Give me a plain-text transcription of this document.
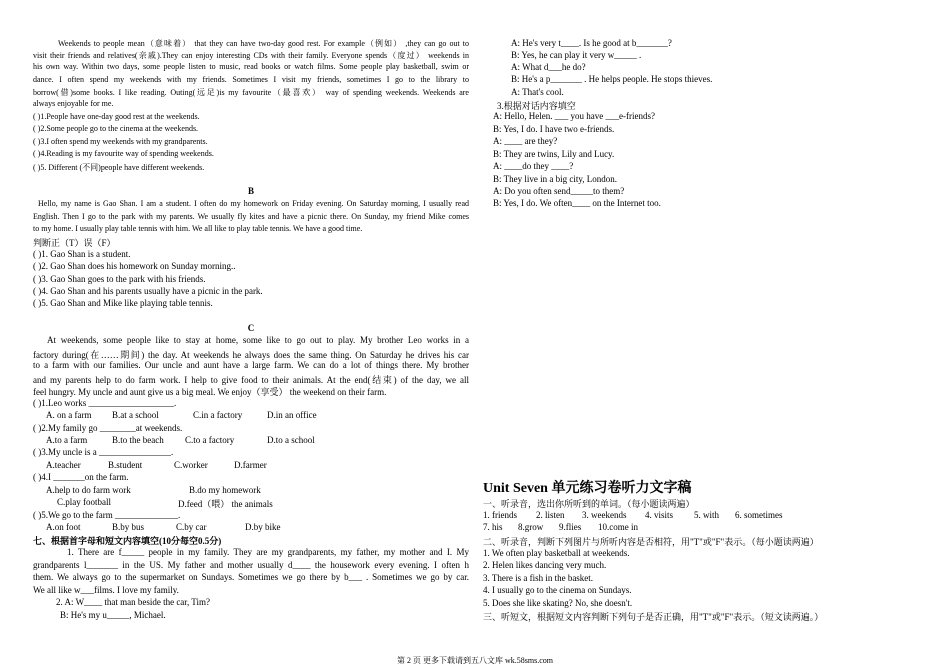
Weekends to people mean（意味着） that they can have two-day good rest. For example（例如） ,they can go out to
visit their friends and relatives(亲戚).They can enjoy interesting CDs with their family. Everyone spends（度过） weekends in
his own way. Within two days, some people listen to music, read books or watch films. Some people play basketball, swim or
dance. I often spend my weekends with my friends. Sometimes I visit my friends, sometimes I go to the library to
borrow(借)some books. I like reading. Outing(远足)is my favourite（最喜欢） way of spending weekends. Weekends are
always enjoyable for me.
( )1.People have one-day good rest at the weekends.
( )2.Some people go to the cinema at the weekends.
( )3.I often spend my weekends with my grandparents.
( )4.Reading is my favourite way of spending weekends.
( )5. Different (不同)people have different weekends.
B
Hello, my name is Gao Shan. I am a student. I often do my homework on Friday evening. On Saturday morning, I usually read
English. Then I go to the park with my parents. We usually fly kites and have a picnic there. On Sunday, my friend Mike comes
to my home. I usually play table tennis with him. We all like to play table tennis. We have a good time.
判断正（T）误（F）
( )1. Gao Shan is a student.
( )2. Gao Shan does his homework on Sunday morning..
( )3. Gao Shan goes to the park with his friends.
( )4. Gao Shan and his parents usually have a picnic in the park.
( )5. Gao Shan and Mike like playing table tennis.
C
At weekends, some people like to stay at home, some like to go out to play. My brother Leo works in a
factory during(在……期间) the day. At weekends he always does the same thing. On Saturday he drives his car
to a farm with our families. Our uncle and aunt have a large farm. We can do a lot of things there. My brother
and my parents help to do farm work. I help to give food to their animals. At the end(结束) of the day, we all
feel hungry. My uncle and aunt give us a big meal. We enjoy（享受） the weekend on their farm.
( )1.Leo works ___________________.
A. on a farm B.at a school	C.in a factory	D.in an office
( )2.My family go ________at weekends.
A.to a farm	B.to the beach C.to a factory	D.to a school
( )3.My uncle is a ________________.
A.teacher	B.student	C.worker	D.farmer
( )4.I _______on the farm.
A.help to do farm work	B.do my homework
C.play football	D.feed（喂） the animals
( )5.We go to the farm ______________.
A.on foot	B.by bus	C.by car	D.by bike
七、根据首字母和短文内容填空(10分每空0.5分)
1. There are f_____ people in my family. They are my grandparents, my father, my mother and I. My
grandparents l_______ in the US. My father and mother usually d____ the housework every evening. I often h
them. We always go to the supermarket on Sundays. Sometimes we go there by b___ . Sometimes we go by car.
We all like w___films. I love my family.
2. A: W____ that man beside the car, Tim?
B: He's my u_____, Michael.
A: He's very t____. Is he good at b_______?
B: Yes, he can play it very w_____ .
A: What d___he do?
B: He's a p_______ . He helps people. He stops thieves.
A: That's cool.
3.根据对话内容填空
A: Hello, Helen. ___ you have ___e-friends?
B: Yes, I do. I have two e-friends.
A: ____ are they?
B: They are twins, Lily and Lucy.
A: ____do they ____?
B: They live in a big city, London.
A: Do you often send_____to them?
B: Yes, I do. We often____ on the Internet too.
Unit Seven 单元练习卷听力文字稿
一、听录音，选出你所听到的单词。（每小题读两遍）
1. friends 2. listen 3. weekends 4. visits 5. with 6. sometimes
7. his 8.grow 9.flies 10.come in
二、听录音，判断下列图片与所听内容是否相符，用"T"或"F"表示。（每小题读两遍）
1. We often play basketball at weekends.
2. Helen likes dancing very much.
3. There is a fish in the basket.
4. I usually go to the cinema on Sundays.
5. Does she like skating? No, she doesn't.
三、听短文，根据短文内容判断下列句子是否正确，用"T"或"F"表示。（短文读两遍。）
第 2 页 更多下载请到五八文库 wk.58sms.com
